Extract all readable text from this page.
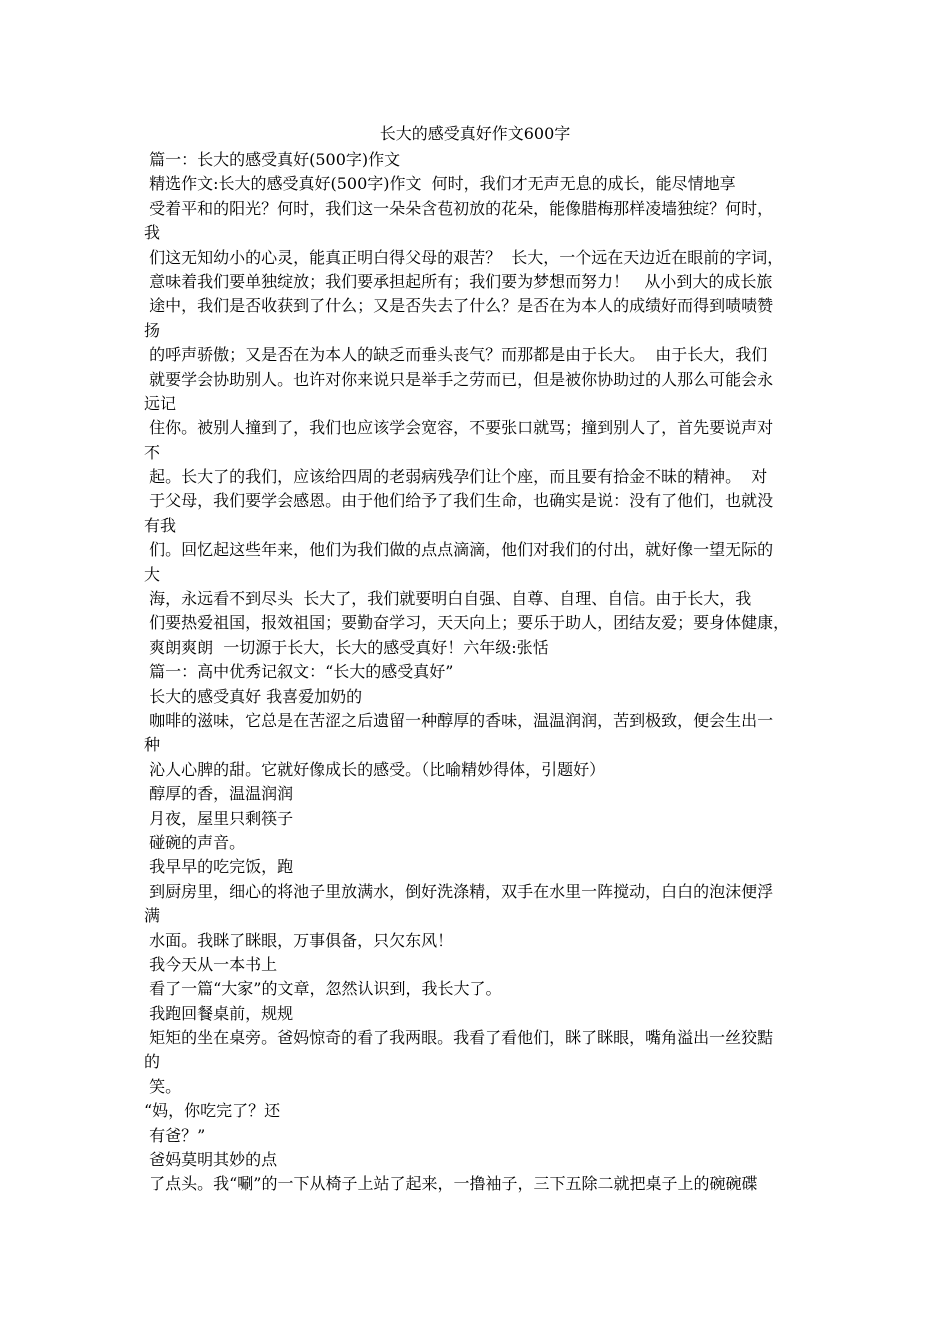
长大的感受真好作文600字
篇一：长大的感受真好(500字)作文
精选作文:长大的感受真好(500字)作文  何时，我们才无声无息的成长，能尽情地享
受着平和的阳光？何时，我们这一朵朵含苞初放的花朵，能像腊梅那样凌墙独绽？何时，
我
们这无知幼小的心灵，能真正明白得父母的艰苦？  长大，一个远在天边近在眼前的字词，
意味着我们要单独绽放；我们要承担起所有；我们要为梦想而努力！   从小到大的成长旅
途中，我们是否收获到了什么；又是否失去了什么？是否在为本人的成绩好而得到啧啧赞
扬
的呼声骄傲；又是否在为本人的缺乏而垂头丧气？而那都是由于长大。  由于长大，我们
就要学会协助别人。也许对你来说只是举手之劳而已，但是被你协助过的人那么可能会永
远记
住你。被别人撞到了，我们也应该学会宽容，不要张口就骂；撞到别人了，首先要说声对
不
起。长大了的我们，应该给四周的老弱病残孕们让个座，而且要有拾金不昧的精神。  对
于父母，我们要学会感恩。由于他们给予了我们生命，也确实是说：没有了他们，也就没
有我
们。回忆起这些年来，他们为我们做的点点滴滴，他们对我们的付出，就好像一望无际的
大
海，永远看不到尽头  长大了，我们就要明白自强、自尊、自理、自信。由于长大，我
们要热爱祖国，报效祖国；要勤奋学习，天天向上；要乐于助人，团结友爱；要身体健康，
爽朗爽朗  一切源于长大，长大的感受真好！六年级:张恬
篇一：高中优秀记叙文：“长大的感受真好”
长大的感受真好 我喜爱加奶的
咖啡的滋味，它总是在苦涩之后遗留一种醇厚的香味，温温润润，苦到极致，便会生出一
种
沁人心脾的甜。它就好像成长的感受。（比喻精妙得体，引题好）
醇厚的香，温温润润
月夜，屋里只剩筷子
碰碗的声音。
我早早的吃完饭，跑
到厨房里，细心的将池子里放满水，倒好洗涤精，双手在水里一阵搅动，白白的泡沫便浮
满
水面。我眯了眯眼，万事俱备，只欠东风！
我今天从一本书上
看了一篇“大家”的文章，忽然认识到，我长大了。
我跑回餐桌前，规规
矩矩的坐在桌旁。爸妈惊奇的看了我两眼。我看了看他们，眯了眯眼，嘴角溢出一丝狡黠
的
笑。
“妈，你吃完了？还
有爸？”
爸妈莫明其妙的点
了点头。我“唰”的一下从椅子上站了起来，一撸袖子，三下五除二就把桌子上的碗碗碟
